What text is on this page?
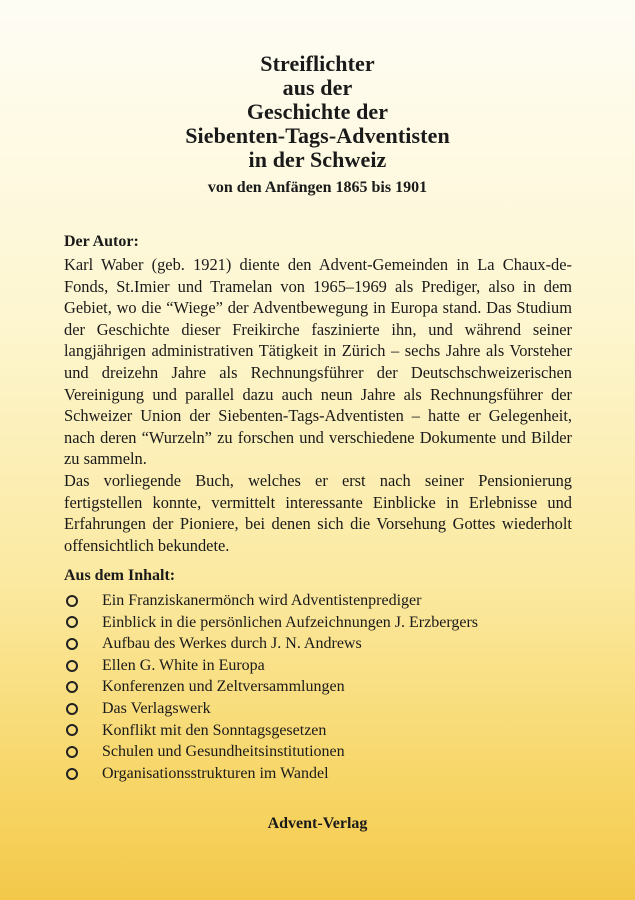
Streiflichter
aus der
Geschichte der
Siebenten-Tags-Adventisten
in der Schweiz
von den Anfängen 1865 bis 1901
Der Autor:

Karl Waber (geb. 1921) diente den Advent-Gemeinden in La Chaux-de-Fonds, St.Imier und Tramelan von 1965–1969 als Prediger, also in dem Gebiet, wo die “Wiege” der Adventbewegung in Europa stand. Das Studium der Geschichte dieser Freikirche faszinierte ihn, und während seiner langjährigen administrativen Tätigkeit in Zürich – sechs Jahre als Vorsteher und dreizehn Jahre als Rechnungsführer der Deutschschweizerischen Vereinigung und parallel dazu auch neun Jahre als Rechnungsführer der Schweizer Union der Siebenten-Tags-Adventisten – hatte er Gelegenheit, nach deren “Wurzeln” zu forschen und verschiedene Dokumente und Bilder zu sammeln.

Das vorliegende Buch, welches er erst nach seiner Pensionierung fertigstellen konnte, vermittelt interessante Einblicke in Erlebnisse und Erfahrungen der Pioniere, bei denen sich die Vorsehung Gottes wiederholt offensichtlich bekundete.

Aus dem Inhalt:
Ein Franziskanermönch wird Adventistenprediger
Einblick in die persönlichen Aufzeichnungen J. Erzbergers
Aufbau des Werkes durch J. N. Andrews
Ellen G. White in Europa
Konferenzen und Zeltversammlungen
Das Verlagswerk
Konflikt mit den Sonntagsgesetzen
Schulen und Gesundheitsinstitutionen
Organisationsstrukturen im Wandel
Advent-Verlag
